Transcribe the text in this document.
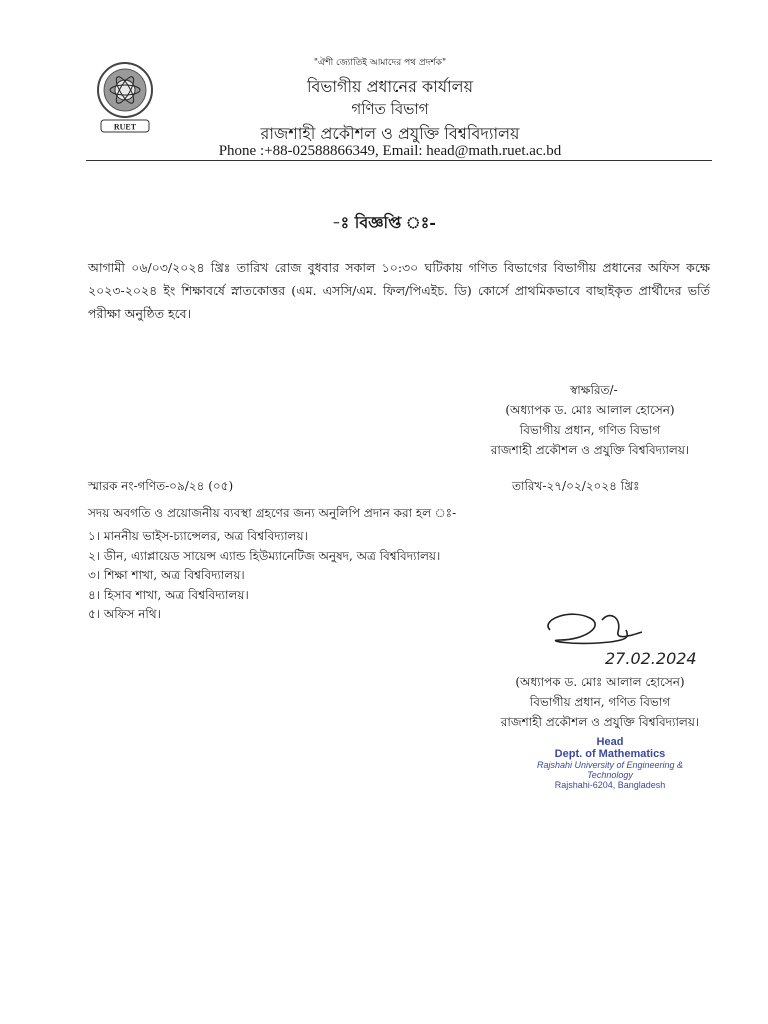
"ঐশী জ্যোতিই আমাদের পথ প্রদর্শক"
RUET
বিভাগীয় প্রধানের কার্যালয়
গণিত বিভাগ
রাজশাহী প্রকৌশল ও প্রযুক্তি বিশ্ববিদ্যালয়
Phone :+88-02588866349, Email: head@math.ruet.ac.bd
-ঃ বিজ্ঞপ্তি ঃ-
আগামী ০৬/০৩/২০২৪ খ্রিঃ তারিখ রোজ বুধবার সকাল ১০:৩০ ঘটিকায় গণিত বিভাগের বিভাগীয় প্রধানের অফিস কক্ষে ২০২৩-২০২৪ ইং শিক্ষাবর্ষে স্নাতকোত্তর (এম. এসসি/এম. ফিল/পিএইচ. ডি) কোর্সে প্রাথমিকভাবে বাছাইকৃত প্রার্থীদের ভর্তি পরীক্ষা অনুষ্ঠিত হবে।
স্বাক্ষরিত/-
(অধ্যাপক ড. মোঃ আলাল হোসেন)
বিভাগীয় প্রধান, গণিত বিভাগ
রাজশাহী প্রকৌশল ও প্রযুক্তি বিশ্ববিদ্যালয়।
স্মারক নং-গণিত-০৯/২৪ (০৫)	তারিখ-২৭/০২/২০২৪ খ্রিঃ
সদয় অবগতি ও প্রয়োজনীয় ব্যবস্থা গ্রহণের জন্য অনুলিপি প্রদান করা হল ঃ-
১। মাননীয় ভাইস-চ্যান্সেলর, অত্র বিশ্ববিদ্যালয়।
২। ডীন, এ্যাপ্লায়েড সায়েন্স এ্যান্ড হিউম্যানেটিজ অনুষদ, অত্র বিশ্ববিদ্যালয়।
৩। শিক্ষা শাখা, অত্র বিশ্ববিদ্যালয়।
৪। হিসাব শাখা, অত্র বিশ্ববিদ্যালয়।
৫। অফিস নথি।
27.02.2024
(অধ্যাপক ড. মোঃ আলাল হোসেন)
বিভাগীয় প্রধান, গণিত বিভাগ
রাজশাহী প্রকৌশল ও প্রযুক্তি বিশ্ববিদ্যালয়।
Head
Dept. of Mathematics
Rajshahi University of Engineering & Technology
Rajshahi-6204, Bangladesh
